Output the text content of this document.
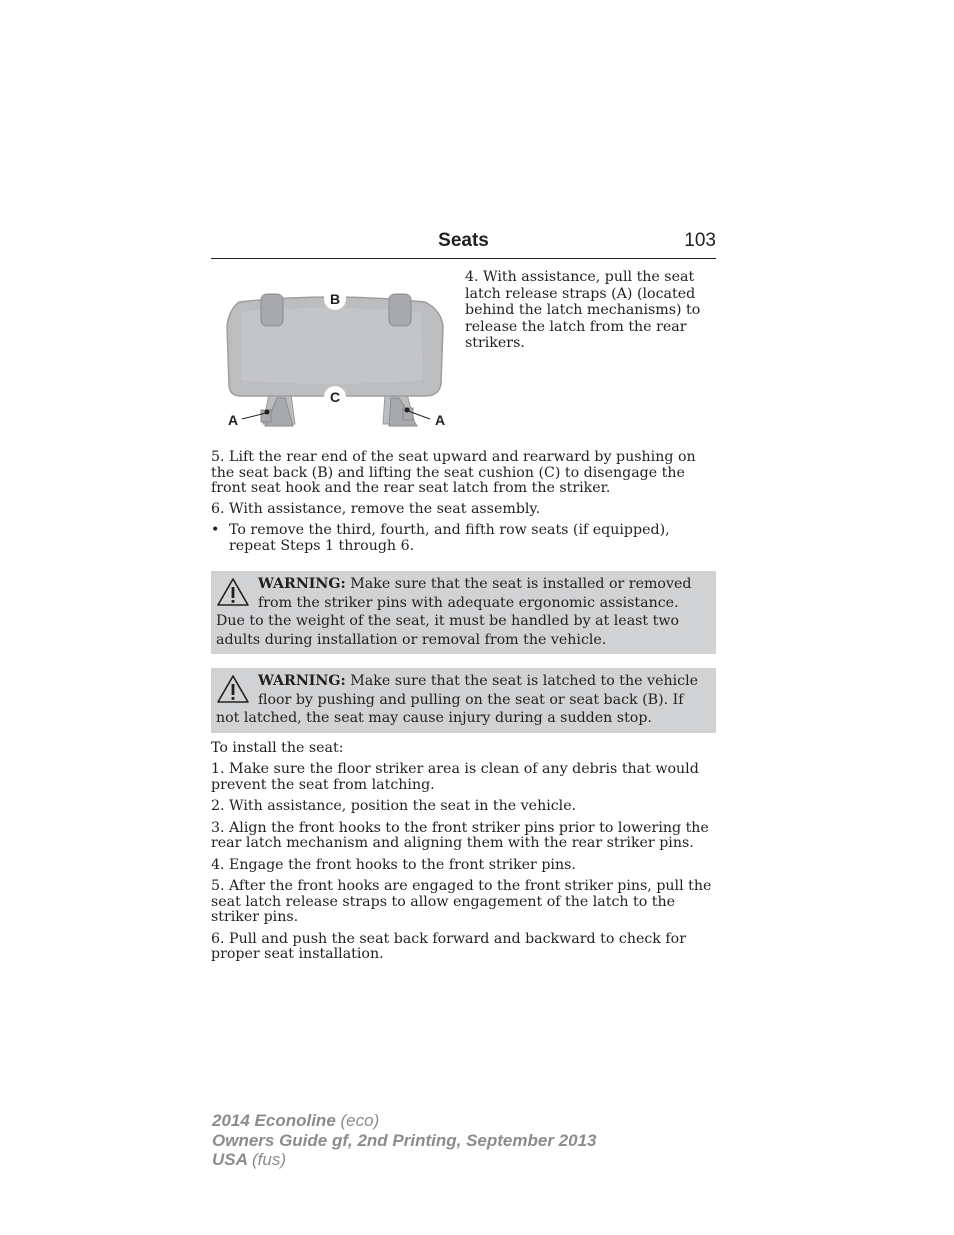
Seats	103
B
C
A	A
4. With assistance, pull the seat latch release straps (A) (located behind the latch mechanisms) to release the latch from the rear strikers.

5. Lift the rear end of the seat upward and rearward by pushing on the seat back (B) and lifting the seat cushion (C) to disengage the front seat hook and the rear seat latch from the striker.

6. With assistance, remove the seat assembly.

• To remove the third, fourth, and fifth row seats (if equipped), repeat Steps 1 through 6.
WARNING: Make sure that the seat is installed or removed from the striker pins with adequate ergonomic assistance. Due to the weight of the seat, it must be handled by at least two adults during installation or removal from the vehicle.
WARNING: Make sure that the seat is latched to the vehicle floor by pushing and pulling on the seat or seat back (B). If not latched, the seat may cause injury during a sudden stop.

To install the seat:

1. Make sure the floor striker area is clean of any debris that would prevent the seat from latching.

2. With assistance, position the seat in the vehicle.

3. Align the front hooks to the front striker pins prior to lowering the rear latch mechanism and aligning them with the rear striker pins.

4. Engage the front hooks to the front striker pins.

5. After the front hooks are engaged to the front striker pins, pull the seat latch release straps to allow engagement of the latch to the striker pins.

6. Pull and push the seat back forward and backward to check for proper seat installation.

2014 Econoline (eco)
Owners Guide gf, 2nd Printing, September 2013
USA (fus)
